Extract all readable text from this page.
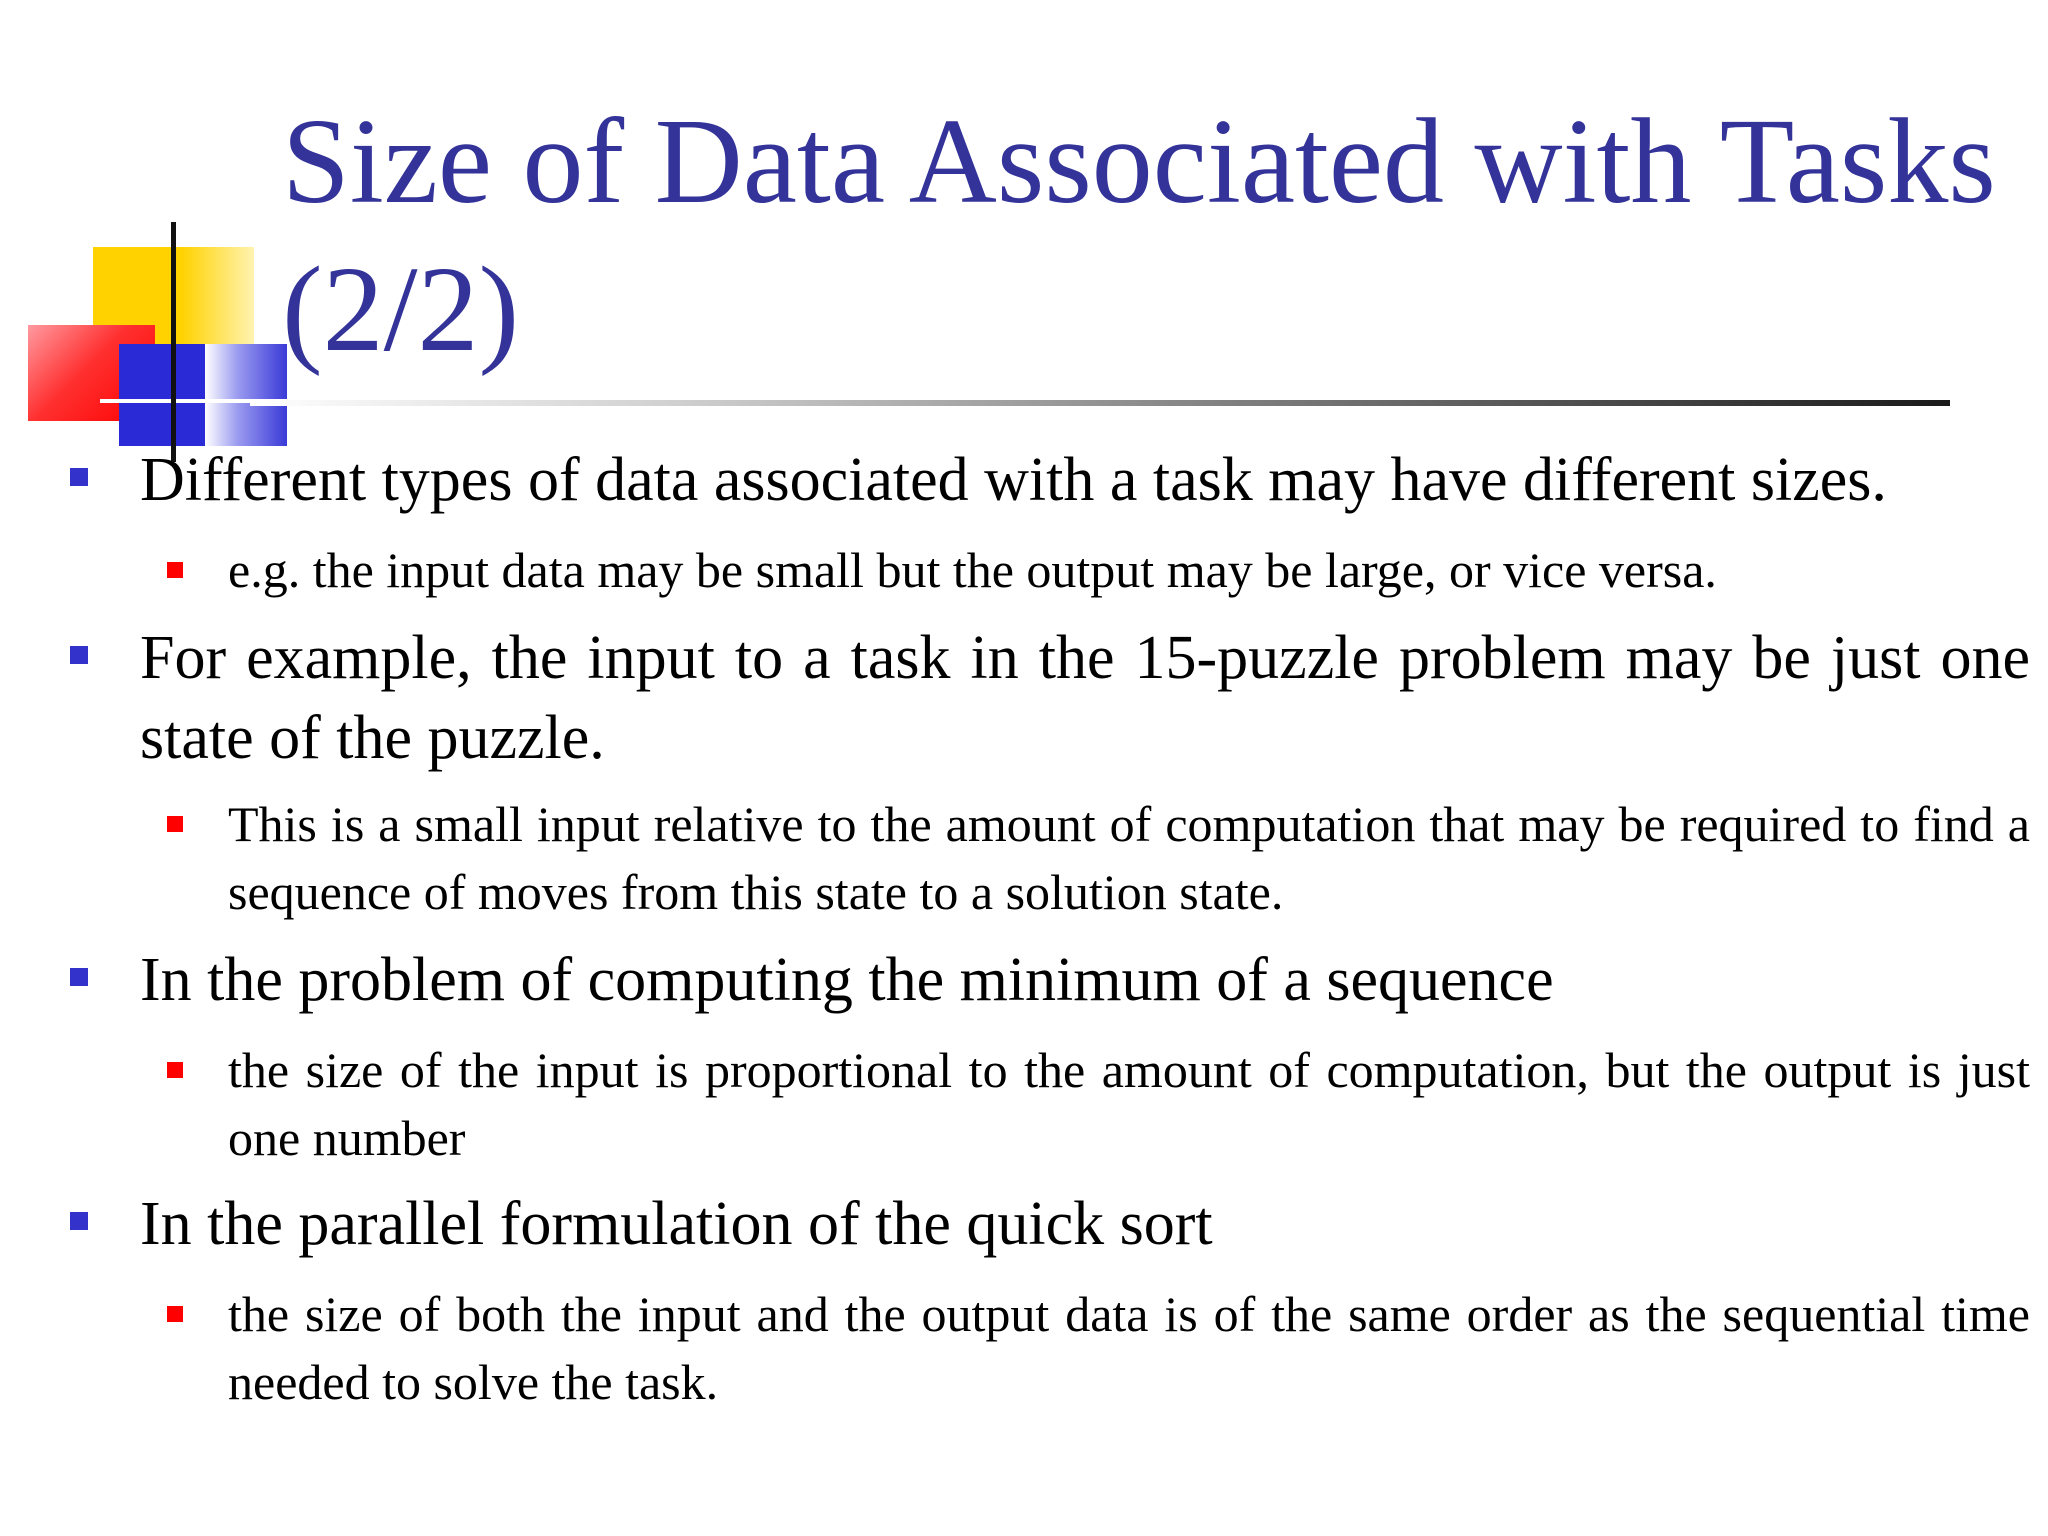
Size of Data Associated with Tasks (2/2)

Different types of data associated with a task may have different sizes.

e.g. the input data may be small but the output may be large, or vice versa.

For example, the input to a task in the 15-puzzle problem may be just one state of the puzzle.

This is a small input relative to the amount of computation that may be required to find a sequence of moves from this state to a solution state.

In the problem of computing the minimum of a sequence

the size of the input is proportional to the amount of computation, but the output is just one number

In the parallel formulation of the quick sort

the size of both the input and the output data is of the same order as the sequential time needed to solve the task.
